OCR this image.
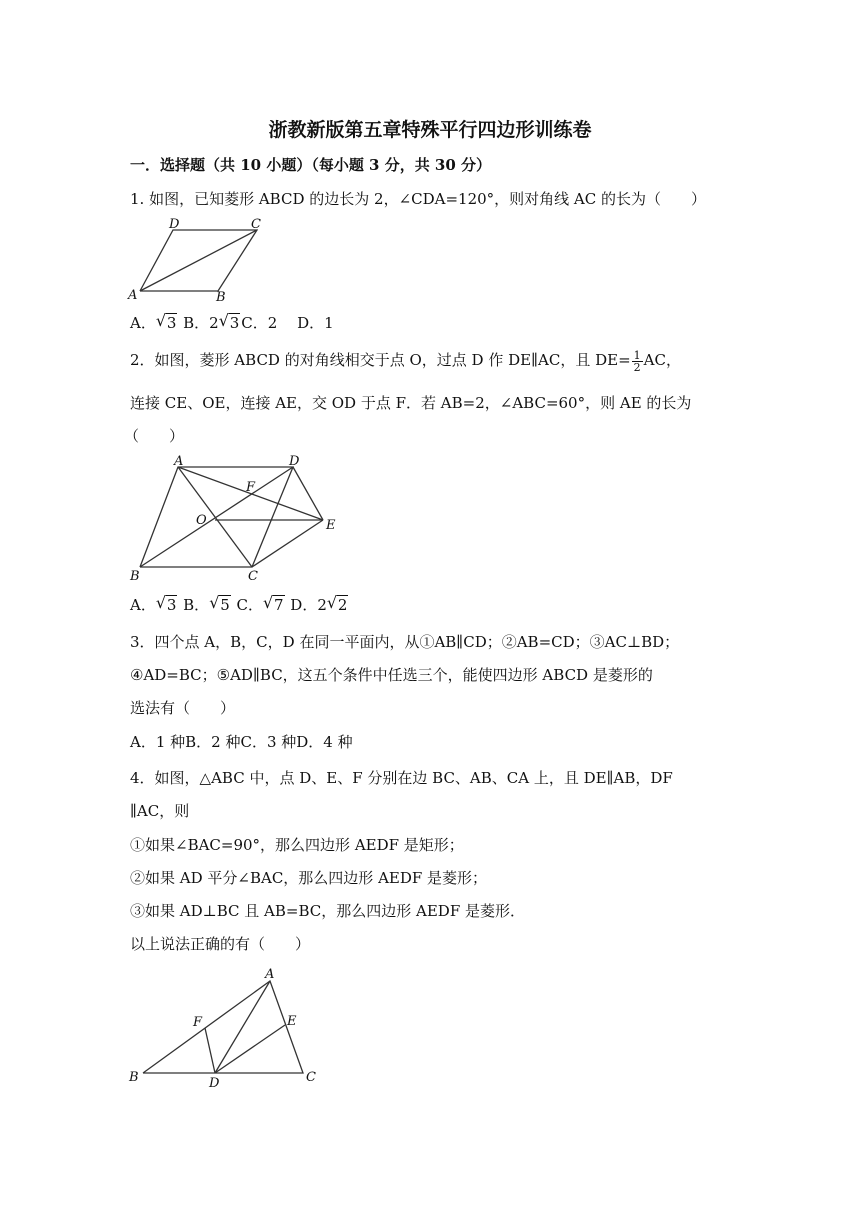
浙教新版第五章特殊平行四边形训练卷
一．选择题（共 10 小题）（每小题 3 分，共 30 分）
1. 如图，已知菱形 ABCD 的边长为 2，∠CDA=120°，则对角线 AC 的长为（　　）
A	B
C
D
A． √ 3 B．2 √ 3 C．2　 D．1
2．如图，菱形 ABCD 的对角线相交于点 O，过点 D 作 DE∥AC，且 $DE= \frac{1}{2}$ AC，
连接 CE、OE，连接 AE，交 OD 于点 F．若 AB=2，∠ABC=60°，则 AE 的长为
（　　）
A
B	C
D
E
F
O
A． √ 3 B． √ 5 C． √ 7 D．2 √ 2
3．四个点 A，B，C，D 在同一平面内，从①AB∥CD；②AB=CD；③AC⊥BD；
④AD=BC；⑤AD∥BC，这五个条件中任选三个，能使四边形 ABCD 是菱形的
选法有（　　）
A．1 种B．2 种C．3 种D．4 种
4．如图，△ABC 中，点 D、E、F 分别在边 BC、AB、CA 上，且 DE∥AB，DF
∥AC，则
①如果∠BAC=90°，那么四边形 AEDF 是矩形；
②如果 AD 平分∠BAC，那么四边形 AEDF 是菱形；
③如果 AD⊥BC 且 AB=BC，那么四边形 AEDF 是菱形．
以上说法正确的有（　　）
A
B	C
D
E
F
